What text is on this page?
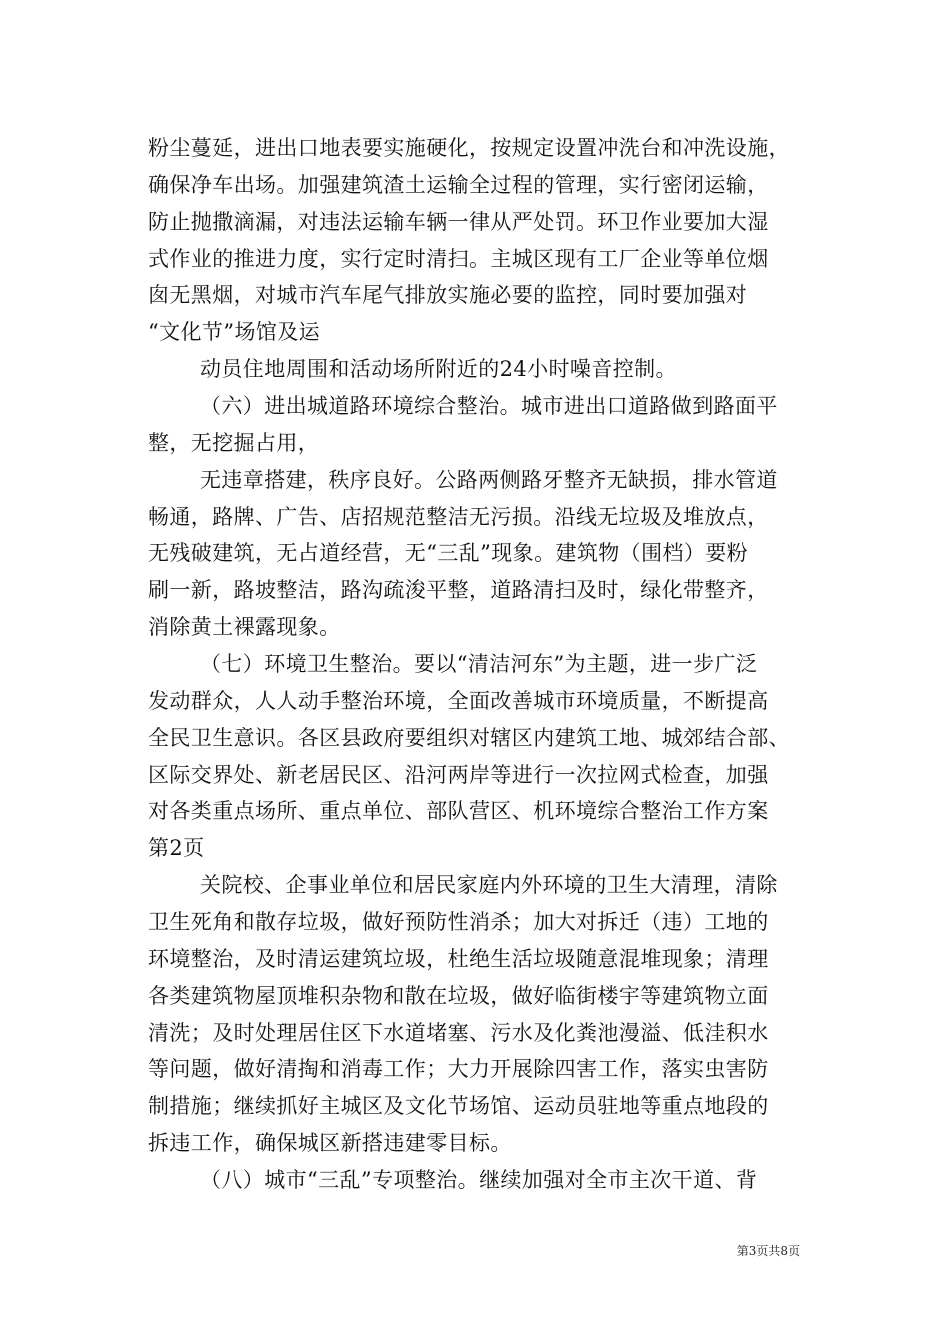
粉尘蔓延，进出口地表要实施硬化，按规定设置冲洗台和冲洗设施，
确保净车出场。加强建筑渣土运输全过程的管理，实行密闭运输，
防止抛撒滴漏，对违法运输车辆一律从严处罚。环卫作业要加大湿
式作业的推进力度，实行定时清扫。主城区现有工厂企业等单位烟
囱无黑烟，对城市汽车尾气排放实施必要的监控，同时要加强对
“文化节”场馆及运
动员住地周围和活动场所附近的24小时噪音控制。
（六）进出城道路环境综合整治。城市进出口道路做到路面平
整，无挖掘占用，
无违章搭建，秩序良好。公路两侧路牙整齐无缺损，排水管道
畅通，路牌、广告、店招规范整洁无污损。沿线无垃圾及堆放点，
无残破建筑，无占道经营，无“三乱”现象。建筑物（围档）要粉
刷一新，路坡整洁，路沟疏浚平整，道路清扫及时，绿化带整齐，
消除黄土裸露现象。
（七）环境卫生整治。要以“清洁河东”为主题，进一步广泛
发动群众，人人动手整治环境，全面改善城市环境质量，不断提高
全民卫生意识。各区县政府要组织对辖区内建筑工地、城郊结合部、
区际交界处、新老居民区、沿河两岸等进行一次拉网式检查，加强
对各类重点场所、重点单位、部队营区、机环境综合整治工作方案
第2页
关院校、企事业单位和居民家庭内外环境的卫生大清理，清除
卫生死角和散存垃圾，做好预防性消杀；加大对拆迁（违）工地的
环境整治，及时清运建筑垃圾，杜绝生活垃圾随意混堆现象；清理
各类建筑物屋顶堆积杂物和散在垃圾，做好临街楼宇等建筑物立面
清洗；及时处理居住区下水道堵塞、污水及化粪池漫溢、低洼积水
等问题，做好清掏和消毒工作；大力开展除四害工作，落实虫害防
制措施；继续抓好主城区及文化节场馆、运动员驻地等重点地段的
拆违工作，确保城区新搭违建零目标。
（八）城市“三乱”专项整治。继续加强对全市主次干道、背
第3页共8页
